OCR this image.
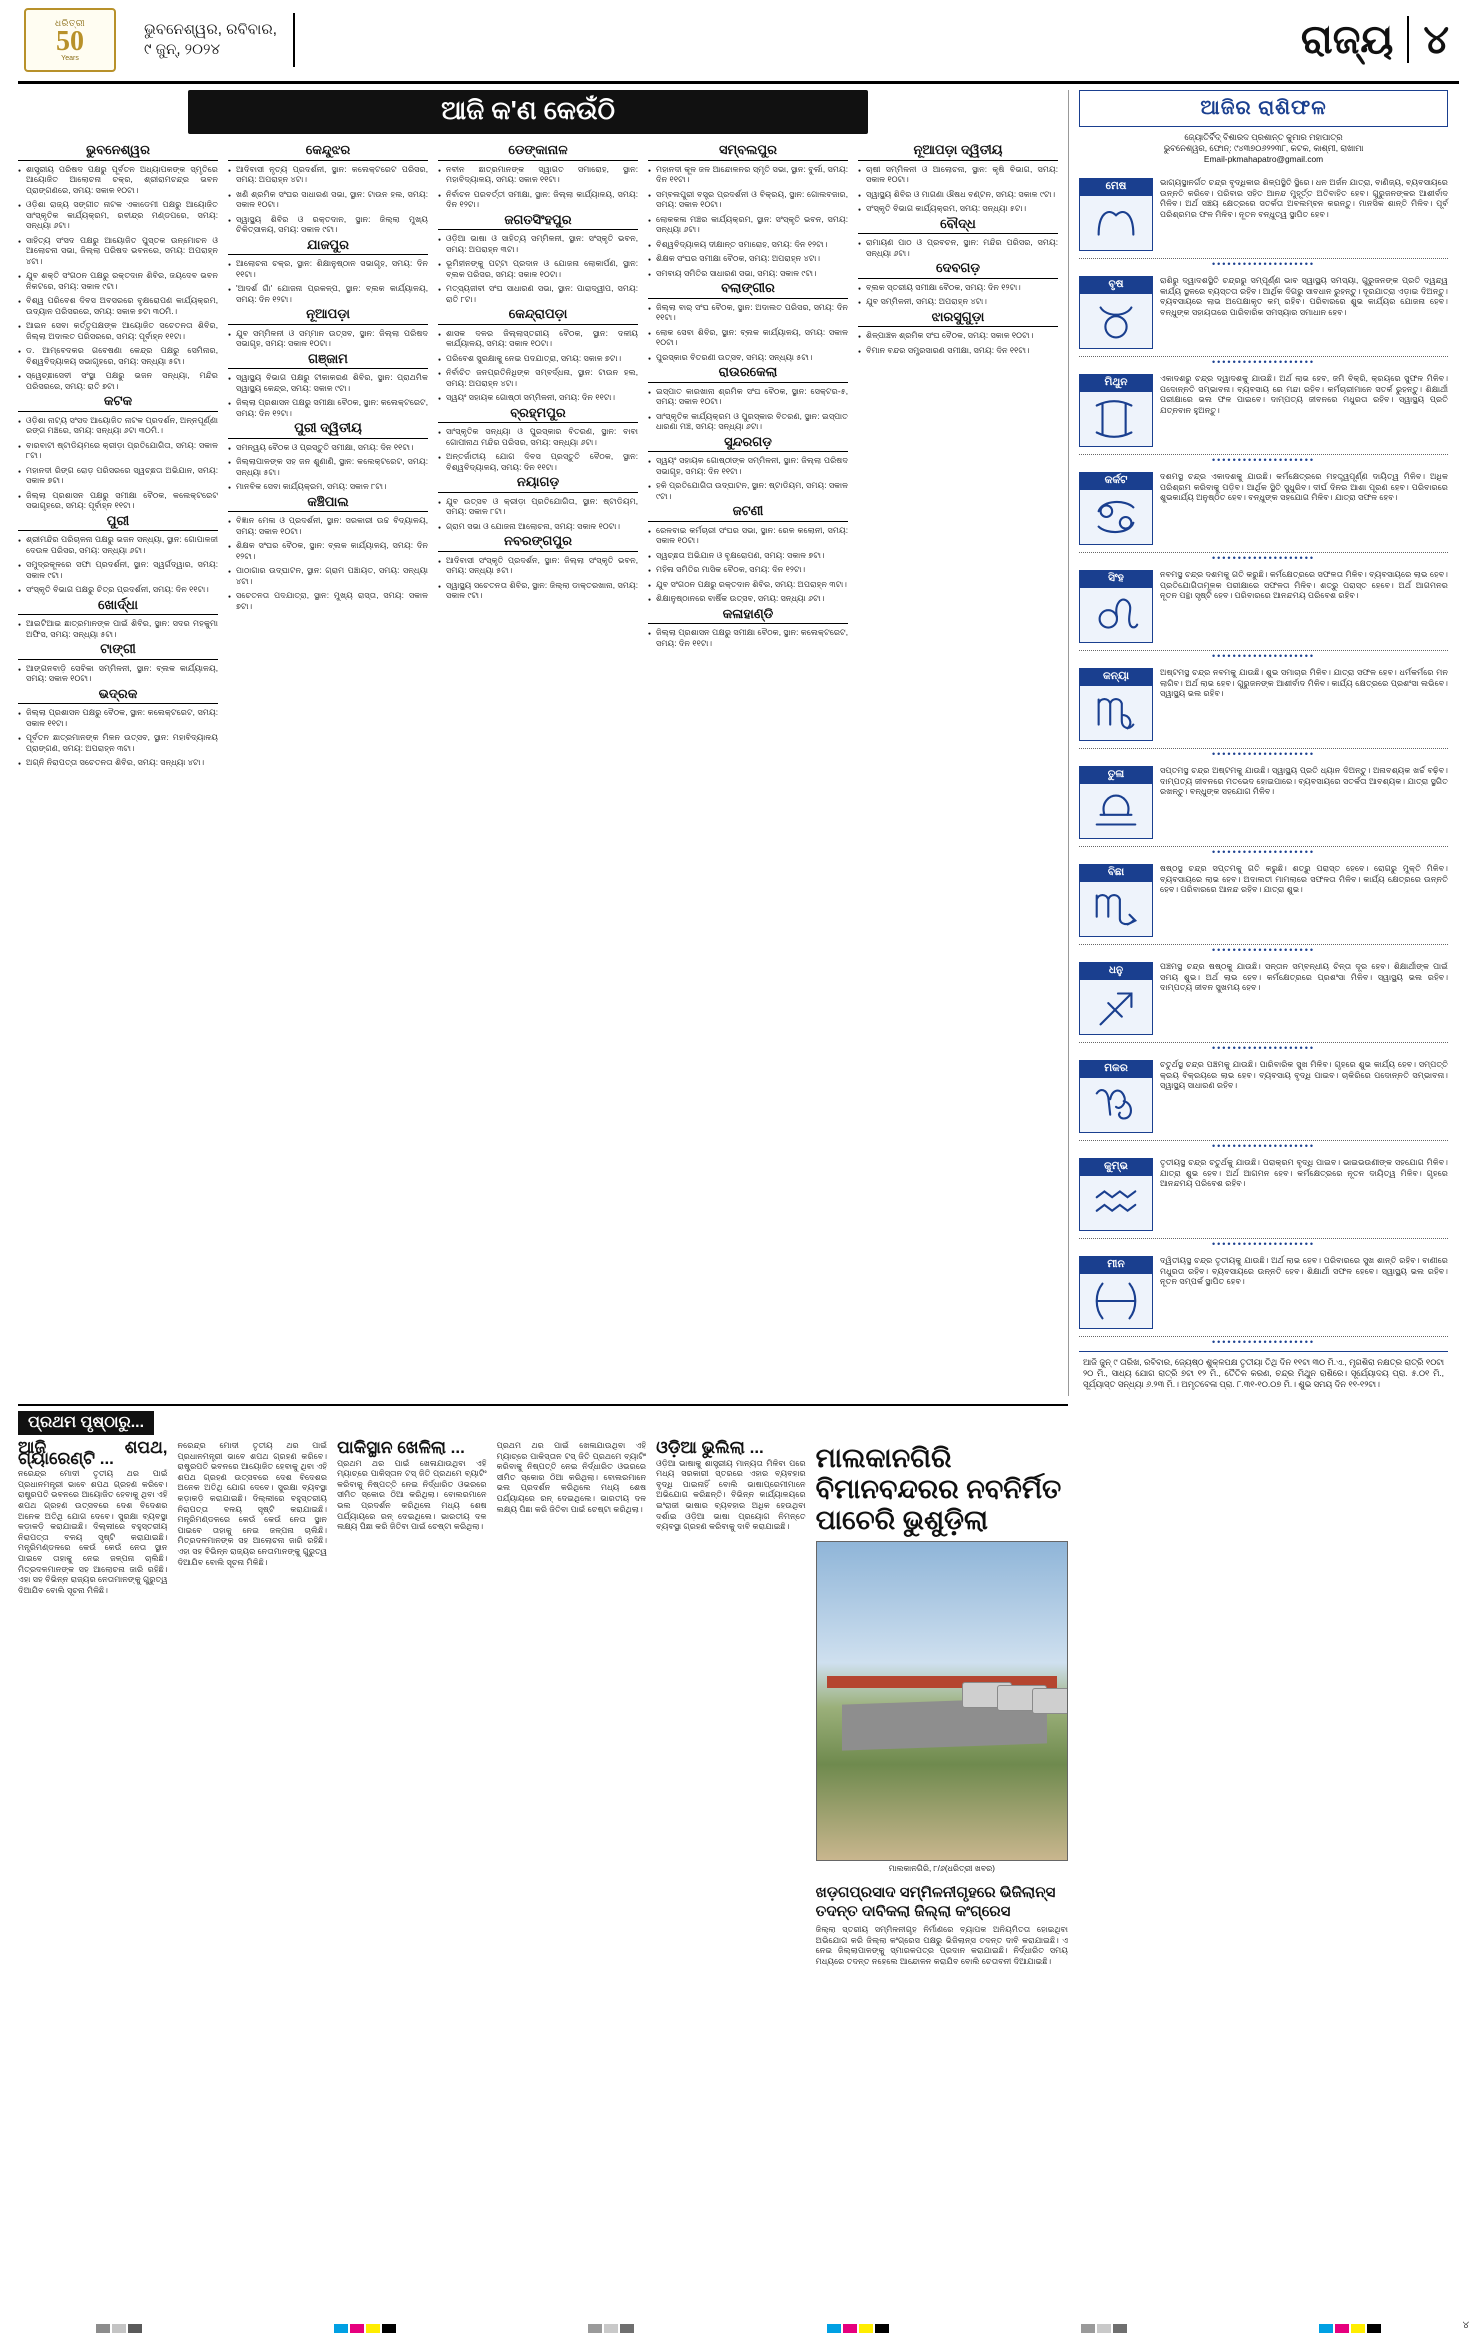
ଧରିତ୍ରୀ
50
Years
ଭୁବନେଶ୍ୱର, ରବିବାର,
୯ ଜୁନ୍‌, ୨୦୨୪	ରାଜ୍ୟ ୪
ଆଜି କ'ଣ କେଉଁଠି
ଭୁବନେଶ୍ୱର
● ଶାସ୍ତ୍ରୀୟ ପରିଷଦ ପକ୍ଷରୁ ପୂର୍ବତନ ଅଧ୍ୟାପକଙ୍କ ସ୍ମୃତିରେ ଆୟୋଜିତ ଆଲୋଚନା ଚକ୍ର, ଶ୍ରୀରାମଚନ୍ଦ୍ର ଭବନ ପ୍ରାଙ୍ଗଣରେ, ସମୟ: ସକାଳ ୧୦ଟା।
● ଓଡ଼ିଶା ରାଜ୍ୟ ସଙ୍ଗୀତ ନାଟକ ଏକାଡେମୀ ପକ୍ଷରୁ ଆୟୋଜିତ ସାଂସ୍କୃତିକ କାର୍ଯ୍ୟକ୍ରମ, ରବୀନ୍ଦ୍ର ମଣ୍ଡପରେ, ସମୟ: ସନ୍ଧ୍ୟା ୬ଟା।
● ସାହିତ୍ୟ ସଂସଦ ପକ୍ଷରୁ ଆୟୋଜିତ ପୁସ୍ତକ ଉନ୍ମୋଚନ ଓ ଆଲୋଚନା ସଭା, ଜିଲ୍ଲା ପରିଷଦ ଭବନରେ, ସମୟ: ଅପରାହ୍ନ ୪ଟା।
● ଯୁବ ଶକ୍ତି ସଂଗଠନ ପକ୍ଷରୁ ରକ୍ତଦାନ ଶିବିର, ଜୟଦେବ ଭବନ ନିକଟରେ, ସମୟ: ସକାଳ ୯ଟା।
● ବିଶ୍ୱ ପରିବେଶ ଦିବସ ଅବସରରେ ବୃକ୍ଷରୋପଣ କାର୍ଯ୍ୟକ୍ରମ, ଉଦ୍ୟାନ ପରିସରରେ, ସମୟ: ସକାଳ ୭ଟା ୩୦ମି.।
● ଆଇନ ସେବା କର୍ତ୍ତୃପକ୍ଷଙ୍କ ଆୟୋଜିତ ସଚେତନତା ଶିବିର, ଜିଲ୍ଲା ଅଦାଲତ ପରିସରରେ, ସମୟ: ପୂର୍ବାହ୍ନ ୧୧ଟା।
● ଡ. ଆମ୍ବେଦକର ଗବେଷଣା କେନ୍ଦ୍ର ପକ୍ଷରୁ ସେମିନାର, ବିଶ୍ୱବିଦ୍ୟାଳୟ ସଭାଗୃହରେ, ସମୟ: ସନ୍ଧ୍ୟା ୫ଟା।
● ସ୍ୱେଚ୍ଛାସେବୀ ସଂସ୍ଥା ପକ୍ଷରୁ ଭଜନ ସନ୍ଧ୍ୟା, ମନ୍ଦିର ପରିସରରେ, ସମୟ: ରାତି ୭ଟା।
କଟକ
● ଓଡ଼ିଶା ନାଟ୍ୟ ସଂସଦ ଆୟୋଜିତ ନାଟକ ପ୍ରଦର୍ଶନ, ଅନ୍ନପୂର୍ଣ୍ଣା ରଙ୍ଗ ମଞ୍ଚରେ, ସମୟ: ସନ୍ଧ୍ୟା ୬ଟା ୩୦ମି.।
● ବାରବାଟୀ ଷ୍ଟାଡିୟମରେ କ୍ରୀଡ଼ା ପ୍ରତିଯୋଗିତା, ସମୟ: ସକାଳ ୮ଟା।
● ମହାନଦୀ ରିଙ୍ଗ ରୋଡ଼ ପରିସରରେ ସ୍ୱଚ୍ଛତା ଅଭିଯାନ, ସମୟ: ସକାଳ ୭ଟା।
● ଜିଲ୍ଲା ପ୍ରଶାସନ ପକ୍ଷରୁ ସମୀକ୍ଷା ବୈଠକ, କଲେକ୍ଟରେଟ ସଭାଗୃହରେ, ସମୟ: ପୂର୍ବାହ୍ନ ୧୧ଟା।
ପୁରୀ
● ଶ୍ରୀମନ୍ଦିର ପରିଚାଳନା ପକ୍ଷରୁ ଭଜନ ସନ୍ଧ୍ୟା, ସ୍ଥାନ: ଗୋପାଳଜୀ ଦେଉଳ ପରିସର, ସମୟ: ସନ୍ଧ୍ୟା ୬ଟା।
● ସମୁଦ୍ରକୂଳରେ ସଫା ପ୍ରଦର୍ଶନୀ, ସ୍ଥାନ: ସ୍ୱର୍ଗଦ୍ୱାର, ସମୟ: ସକାଳ ୯ଟା।
● ସଂସ୍କୃତି ବିଭାଗ ପକ୍ଷରୁ ଚିତ୍ର ପ୍ରଦର୍ଶନୀ, ସମୟ: ଦିନ ୧୧ଟା।
ଖୋର୍ଦ୍ଧା
● ଆଇଟିଆଇ ଛାତ୍ରମାନଙ୍କ ପାଇଁ ଶିବିର, ସ୍ଥାନ: ସଦର ମହକୁମା ଅଫିସ, ସମୟ: ସନ୍ଧ୍ୟା ୫ଟା।
ଟାଙ୍ଗୀ
● ଆଙ୍ଗନବାଡ଼ି ସେବିକା ସମ୍ମିଳନୀ, ସ୍ଥାନ: ବ୍ଲକ କାର୍ଯ୍ୟାଳୟ, ସମୟ: ସକାଳ ୧୦ଟା।
ଭଦ୍ରକ
● ଜିଲ୍ଲା ପ୍ରଶାସନ ପକ୍ଷରୁ ବୈଠକ, ସ୍ଥାନ: କଲେକ୍ଟରେଟ, ସମୟ: ସକାଳ ୧୧ଟା।
● ପୂର୍ବତନ ଛାତ୍ରମାନଙ୍କ ମିଳନ ଉତ୍ସବ, ସ୍ଥାନ: ମହାବିଦ୍ୟାଳୟ ପ୍ରାଙ୍ଗଣ, ସମୟ: ଅପରାହ୍ନ ୩ଟା।
● ଅଗ୍ନି ନିରାପତ୍ତା ସଚେତନତା ଶିବିର, ସମୟ: ସନ୍ଧ୍ୟା ୪ଟା।
କେନ୍ଦୁଝର
● ଆଦିବାସୀ ନୃତ୍ୟ ପ୍ରଦର୍ଶନୀ, ସ୍ଥାନ: କଲେକ୍ଟରେଟ ପରିସର, ସମୟ: ଅପରାହ୍ନ ୪ଟା।
● ଖଣି ଶ୍ରମିକ ସଂଘର ସାଧାରଣ ସଭା, ସ୍ଥାନ: ଟାଉନ ହଲ, ସମୟ: ସକାଳ ୧୦ଟା।
● ସ୍ୱାସ୍ଥ୍ୟ ଶିବିର ଓ ରକ୍ତଦାନ, ସ୍ଥାନ: ଜିଲ୍ଲା ମୁଖ୍ୟ ଚିକିତ୍ସାଳୟ, ସମୟ: ସକାଳ ୯ଟା।
ଯାଜପୁର
● ଆଲୋଚନା ଚକ୍ର, ସ୍ଥାନ: ଶିକ୍ଷାନୁଷ୍ଠାନ ସଭାଗୃହ, ସମୟ: ଦିନ ୧୧ଟା।
● 'ଆଦର୍ଶ ଗାଁ' ଯୋଜନା ପ୍ରକଳ୍ପ, ସ୍ଥାନ: ବ୍ଲକ କାର୍ଯ୍ୟାଳୟ, ସମୟ: ଦିନ ୧୨ଟା।
ନୂଆପଡ଼ା
● ଯୁବ ସମ୍ମିଳନୀ ଓ ସମ୍ମାନ ଉତ୍ସବ, ସ୍ଥାନ: ଜିଲ୍ଲା ପରିଷଦ ସଭାଗୃହ, ସମୟ: ସକାଳ ୧୦ଟା।
ଗଞ୍ଜାମ
● ସ୍ୱାସ୍ଥ୍ୟ ବିଭାଗ ପକ୍ଷରୁ ଟୀକାକରଣ ଶିବିର, ସ୍ଥାନ: ପ୍ରାଥମିକ ସ୍ୱାସ୍ଥ୍ୟ କେନ୍ଦ୍ର, ସମୟ: ସକାଳ ୯ଟା।
● ଜିଲ୍ଲା ପ୍ରଶାସନ ପକ୍ଷରୁ ସମୀକ୍ଷା ବୈଠକ, ସ୍ଥାନ: କଲେକ୍ଟରେଟ, ସମୟ: ଦିନ ୧୨ଟା।
ପୁରୀ ଦ୍ୱିତୀୟ
● ସମନ୍ୱୟ ବୈଠକ ଓ ପ୍ରସ୍ତୁତି ସମୀକ୍ଷା, ସମୟ: ଦିନ ୧୧ଟା।
● ଜିଲ୍ଲାପାଳଙ୍କ ସହ ଜନ ଶୁଣାଣି, ସ୍ଥାନ: କଲେକ୍ଟରେଟ, ସମୟ: ସନ୍ଧ୍ୟା ୫ଟା।
● ମାନବିକ ସେବା କାର୍ଯ୍ୟକ୍ରମ, ସମୟ: ସକାଳ ୮ଟା।
କଞ୍ଚିପାଲ
● ବିଜ୍ଞାନ ମେଳା ଓ ପ୍ରଦର୍ଶନୀ, ସ୍ଥାନ: ସରକାରୀ ଉଚ୍ଚ ବିଦ୍ୟାଳୟ, ସମୟ: ସକାଳ ୧୦ଟା।
● ଶିକ୍ଷକ ସଂଘର ବୈଠକ, ସ୍ଥାନ: ବ୍ଲକ କାର୍ଯ୍ୟାଳୟ, ସମୟ: ଦିନ ୧୨ଟା।
● ପାଠାଗାର ଉଦ୍‌ଘାଟନ, ସ୍ଥାନ: ଗ୍ରାମ ପଞ୍ଚାୟତ, ସମୟ: ସନ୍ଧ୍ୟା ୪ଟା।
● ସଚେତନତା ପଦଯାତ୍ରା, ସ୍ଥାନ: ମୁଖ୍ୟ ରାସ୍ତା, ସମୟ: ସକାଳ ୭ଟା।
ଡେଙ୍କାନାଳ
● ନବୀନ ଛାତ୍ରମାନଙ୍କ ସ୍ୱାଗତ ସମାରୋହ, ସ୍ଥାନ: ମହାବିଦ୍ୟାଳୟ, ସମୟ: ସକାଳ ୧୧ଟା।
● ନିର୍ବାଚନ ପରବର୍ତ୍ତୀ ସମୀକ୍ଷା, ସ୍ଥାନ: ଜିଲ୍ଲା କାର୍ଯ୍ୟାଳୟ, ସମୟ: ଦିନ ୧୨ଟା।
ଜଗତସିଂହପୁର
● ଓଡ଼ିଆ ଭାଷା ଓ ସାହିତ୍ୟ ସମ୍ମିଳନୀ, ସ୍ଥାନ: ସଂସ୍କୃତି ଭବନ, ସମୟ: ଅପରାହ୍ନ ୩ଟା।
● ଭୂମିହୀନଙ୍କୁ ପଟ୍ଟା ପ୍ରଦାନ ଓ ଯୋଜନା ଲୋକାର୍ପଣ, ସ୍ଥାନ: ବ୍ଲକ ପରିସର, ସମୟ: ସକାଳ ୧୦ଟା।
● ମତ୍ସ୍ୟଜୀବୀ ସଂଘ ସାଧାରଣ ସଭା, ସ୍ଥାନ: ପାରାଦ୍ୱୀପ, ସମୟ: ରାତି ୮ଟା।
କେନ୍ଦ୍ରାପଡ଼ା
● ଶାସକ ଦଳର ଜିଲ୍ଲାସ୍ତରୀୟ ବୈଠକ, ସ୍ଥାନ: ଦଳୀୟ କାର୍ଯ୍ୟାଳୟ, ସମୟ: ସକାଳ ୧୦ଟା।
● ପରିବେଶ ସୁରକ୍ଷାକୁ ନେଇ ପଦଯାତ୍ରା, ସମୟ: ସକାଳ ୭ଟା।
● ନିର୍ବାଚିତ ଜନପ୍ରତିନିଧିଙ୍କ ସମ୍ବର୍ଦ୍ଧନା, ସ୍ଥାନ: ଟାଉନ ହଲ, ସମୟ: ଅପରାହ୍ନ ୪ଟା।
● ସ୍ୱୟଂ ସହାୟକ ଗୋଷ୍ଠୀ ସମ୍ମିଳନୀ, ସମୟ: ଦିନ ୧୧ଟା।
ବ୍ରହ୍ମପୁର
● ସାଂସ୍କୃତିକ ସନ୍ଧ୍ୟା ଓ ପୁରସ୍କାର ବିତରଣ, ସ୍ଥାନ: ବାବା ଗୋପୀନାଥ ମନ୍ଦିର ପରିସର, ସମୟ: ସନ୍ଧ୍ୟା ୬ଟା।
● ଅନ୍ତର୍ଜାତୀୟ ଯୋଗ ଦିବସ ପ୍ରସ୍ତୁତି ବୈଠକ, ସ୍ଥାନ: ବିଶ୍ୱବିଦ୍ୟାଳୟ, ସମୟ: ଦିନ ୧୧ଟା।
ନୟାଗଡ଼
● ଯୁବ ଉତ୍ସବ ଓ କ୍ରୀଡ଼ା ପ୍ରତିଯୋଗିତା, ସ୍ଥାନ: ଷ୍ଟାଡିୟମ, ସମୟ: ସକାଳ ୮ଟା।
● ଗ୍ରାମ ସଭା ଓ ଯୋଜନା ଆଲୋଚନା, ସମୟ: ସକାଳ ୧୦ଟା।
ନବରଙ୍ଗପୁର
● ଆଦିବାସୀ ସଂସ୍କୃତି ପ୍ରଦର୍ଶନ, ସ୍ଥାନ: ଜିଲ୍ଲା ସଂସ୍କୃତି ଭବନ, ସମୟ: ସନ୍ଧ୍ୟା ୫ଟା।
● ସ୍ୱାସ୍ଥ୍ୟ ସଚେତନତା ଶିବିର, ସ୍ଥାନ: ଜିଲ୍ଲା ଡାକ୍ତରଖାନା, ସମୟ: ସକାଳ ୯ଟା।
ସମ୍ବଲପୁର
● ମହାନଦୀ କୂଳ ଜଳ ଆନ୍ଦୋଳନର ସ୍ମୃତି ସଭା, ସ୍ଥାନ: ବୁର୍ଲା, ସମୟ: ଦିନ ୧୧ଟା।
● ସମ୍ବଲପୁରୀ ବସ୍ତ୍ର ପ୍ରଦର୍ଶନୀ ଓ ବିକ୍ରୟ, ସ୍ଥାନ: ଗୋଲବଜାର, ସମୟ: ସକାଳ ୧୦ଟା।
● ଲୋକକଳା ମଞ୍ଚର କାର୍ଯ୍ୟକ୍ରମ, ସ୍ଥାନ: ସଂସ୍କୃତି ଭବନ, ସମୟ: ସନ୍ଧ୍ୟା ୬ଟା।
● ବିଶ୍ୱବିଦ୍ୟାଳୟ ଦୀକ୍ଷାନ୍ତ ସମାରୋହ, ସମୟ: ଦିନ ୧୨ଟା।
● ଶିକ୍ଷକ ସଂଘର ସମୀକ୍ଷା ବୈଠକ, ସମୟ: ଅପରାହ୍ନ ୪ଟା।
● ସମବାୟ ସମିତିର ସାଧାରଣ ସଭା, ସମୟ: ସକାଳ ୯ଟା।
ବଲାଙ୍ଗୀର
● ଜିଲ୍ଲା ବାର୍ ସଂଘ ବୈଠକ, ସ୍ଥାନ: ଅଦାଲତ ପରିସର, ସମୟ: ଦିନ ୧୧ଟା।
● ଲୋକ ସେବା ଶିବିର, ସ୍ଥାନ: ବ୍ଲକ କାର୍ଯ୍ୟାଳୟ, ସମୟ: ସକାଳ ୧୦ଟା।
● ପୁରସ୍କାର ବିତରଣୀ ଉତ୍ସବ, ସମୟ: ସନ୍ଧ୍ୟା ୫ଟା।
ରାଉରକେଲା
● ଇସ୍ପାତ କାରଖାନା ଶ୍ରମିକ ସଂଘ ବୈଠକ, ସ୍ଥାନ: ସେକ୍ଟର-୫, ସମୟ: ସକାଳ ୧୦ଟା।
● ସାଂସ୍କୃତିକ କାର୍ଯ୍ୟକ୍ରମ ଓ ପୁରସ୍କାର ବିତରଣ, ସ୍ଥାନ: ଇସ୍ପାତ ଧାରଣା ମଞ୍ଚ, ସମୟ: ସନ୍ଧ୍ୟା ୬ଟା।
ସୁନ୍ଦରଗଡ଼
● ସ୍ୱୟଂ ସହାୟକ ଗୋଷ୍ଠୀଙ୍କ ସମ୍ମିଳନୀ, ସ୍ଥାନ: ଜିଲ୍ଲା ପରିଷଦ ସଭାଗୃହ, ସମୟ: ଦିନ ୧୧ଟା।
● ହକି ପ୍ରତିଯୋଗିତା ଉଦ୍‌ଘାଟନ, ସ୍ଥାନ: ଷ୍ଟାଡିୟମ, ସମୟ: ସକାଳ ୯ଟା।
ଜଟଣୀ
● ରେଳବାଇ କର୍ମଚାରୀ ସଂଘର ସଭା, ସ୍ଥାନ: ରେଳ କଲୋନୀ, ସମୟ: ସକାଳ ୧୦ଟା।
● ସ୍ୱଚ୍ଛତା ଅଭିଯାନ ଓ ବୃକ୍ଷରୋପଣ, ସମୟ: ସକାଳ ୭ଟା।
● ମହିଳା ସମିତିର ମାସିକ ବୈଠକ, ସମୟ: ଦିନ ୧୨ଟା।
● ଯୁବ ସଂଗଠନ ପକ୍ଷରୁ ରକ୍ତଦାନ ଶିବିର, ସମୟ: ଅପରାହ୍ନ ୩ଟା।
● ଶିକ୍ଷାନୁଷ୍ଠାନରେ ବାର୍ଷିକ ଉତ୍ସବ, ସମୟ: ସନ୍ଧ୍ୟା ୬ଟା।
କଳାହାଣ୍ଡି
● ଜିଲ୍ଲା ପ୍ରଶାସନ ପକ୍ଷରୁ ସମୀକ୍ଷା ବୈଠକ, ସ୍ଥାନ: କଲେକ୍ଟରେଟ, ସମୟ: ଦିନ ୧୧ଟା।
ନୂଆପଡ଼ା ଦ୍ୱିତୀୟ
● ଚାଷୀ ସମ୍ମିଳନୀ ଓ ଆଲୋଚନା, ସ୍ଥାନ: କୃଷି ବିଭାଗ, ସମୟ: ସକାଳ ୧୦ଟା।
● ସ୍ୱାସ୍ଥ୍ୟ ଶିବିର ଓ ମାଗଣା ଔଷଧ ବଣ୍ଟନ, ସମୟ: ସକାଳ ୯ଟା।
● ସଂସ୍କୃତି ବିଭାଗ କାର୍ଯ୍ୟକ୍ରମ, ସମୟ: ସନ୍ଧ୍ୟା ୫ଟା।
ବୌଦ୍ଧ
● ରାମାୟଣ ପାଠ ଓ ପ୍ରବଚନ, ସ୍ଥାନ: ମନ୍ଦିର ପରିସର, ସମୟ: ସନ୍ଧ୍ୟା ୬ଟା।
ଦେବଗଡ଼
● ବ୍ଲକ ସ୍ତରୀୟ ସମୀକ୍ଷା ବୈଠକ, ସମୟ: ଦିନ ୧୨ଟା।
● ଯୁବ ସମ୍ମିଳନୀ, ସମୟ: ଅପରାହ୍ନ ୪ଟା।
ଝାରସୁଗୁଡ଼ା
● ଶିଳ୍ପାଞ୍ଚଳ ଶ୍ରମିକ ସଂଘ ବୈଠକ, ସମୟ: ସକାଳ ୧୦ଟା।
● ବିମାନ ବନ୍ଦର ସମ୍ପ୍ରସାରଣ ସମୀକ୍ଷା, ସମୟ: ଦିନ ୧୧ଟା।
ଆଜିର ରାଶିଫଳ
ଜ୍ୟୋତିର୍ବିଦ୍‌ ବିଶାରଦ ପ୍ରଶାନ୍ତ କୁମାର ମହାପାତ୍ର
ଭୁବନେଶ୍ୱର, ଫୋନ୍‌: ୯୪୩୭୦୬୨୨୩୮, କଟକ, କାଶ୍ମୀ, ରାଖାମା
Email-pkmahapatro@gmail.com
ମେଷ	ଭାଗ୍ୟସ୍ଥାନର୍ଗତ ଚନ୍ଦ୍ର ବୃଦ୍ଧିକାର ଶିଳ୍ପସ୍ଥିତି ସ୍ଥିରେ। ଧନ ଅର୍ଜନ ଯାତ୍ରା, ବାଣିଜ୍ୟ, ବ୍ୟବସାୟରେ ଉନ୍ନତି କରିବେ। ପରିବାର ସହିତ ଆନନ୍ଦ ମୁହୂର୍ତ୍ତ ଅତିବାହିତ ହେବ। ଗୁରୁଜନଙ୍କର ଆଶୀର୍ବାଦ ମିଳିବ। ଅର୍ଥ ସଞ୍ଚୟ କ୍ଷେତ୍ରରେ ସତର୍କତା ଅବଲମ୍ବନ କରନ୍ତୁ। ମାନସିକ ଶାନ୍ତି ମିଳିବ। ପୂର୍ବ ପରିଶ୍ରମର ଫଳ ମିଳିବ। ନୂତନ ବନ୍ଧୁତ୍ୱ ସ୍ଥାପିତ ହେବ।
••••••••••••••••••••
ବୃଷ	ରାଶିରୁ ଦ୍ୱାଦଶସ୍ଥିତି ଚନ୍ଦ୍ରରୁ ସମ୍ପୂର୍ଣ୍ଣ ଭାବ ସ୍ୱାସ୍ଥ୍ୟ ସମସ୍ୟା, ଗୁରୁଜନଙ୍କ ପ୍ରତି ଦ୍ୱନ୍ଦ୍ୱ କାର୍ଯ୍ୟ ସ୍ଥଳରେ ବ୍ୟସ୍ତତା ରହିବ। ଆର୍ଥିକ ଦିଗରୁ ସାବଧାନ ରୁହନ୍ତୁ। ଦୂରଯାତ୍ରା ଏଡ଼ାଇ ଦିଅନ୍ତୁ। ବ୍ୟବସାୟରେ ଲାଭ ଅପେକ୍ଷାକୃତ କମ୍‌ ରହିବ। ପରିବାରରେ ଶୁଭ କାର୍ଯ୍ୟର ଯୋଜନା ହେବ। ବନ୍ଧୁଙ୍କ ସହାୟତାରେ ପାରିବାରିକ ସମସ୍ୟାର ସମାଧାନ ହେବ।
••••••••••••••••••••
ମିଥୁନ	ଏକାଦଶରୁ ଚନ୍ଦ୍ର ଦ୍ୱାଦଶକୁ ଯାଉଛି। ଅର୍ଥ ଲାଭ ହେବ, ଜମି ବିକ୍ରି, କ୍ରୟରେ ସୁଫଳ ମିଳିବ। ପଦୋନ୍ନତି ସମ୍ଭାବନା। ବ୍ୟବସାୟ ରେ ମନ୍ଦା ରହିବ। କର୍ମଚାରୀମାନେ ସତର୍କ ରୁହନ୍ତୁ। ଶିକ୍ଷାର୍ଥୀ ପରୀକ୍ଷାରେ ଭଲ ଫଳ ପାଇବେ। ଦାମ୍ପତ୍ୟ ଜୀବନରେ ମଧୁରତା ରହିବ। ସ୍ୱାସ୍ଥ୍ୟ ପ୍ରତି ଯତ୍ନବାନ ହୁଅନ୍ତୁ।
••••••••••••••••••••
କର୍କଟ	ଦଶମସ୍ଥ ଚନ୍ଦ୍ର ଏକାଦଶକୁ ଯାଉଛି। କର୍ମକ୍ଷେତ୍ରରେ ମହତ୍ତ୍ୱପୂର୍ଣ୍ଣ ଦାୟିତ୍ୱ ମିଳିବ। ଅଧିକ ପରିଶ୍ରମ କରିବାକୁ ପଡ଼ିବ। ଆର୍ଥିକ ସ୍ଥିତି ସୁଧୁରିବ। ଦୀର୍ଘ ଦିନର ଆଶା ପୂରଣ ହେବ। ପରିବାରରେ ଶୁଭକାର୍ଯ୍ୟ ଅନୁଷ୍ଠିତ ହେବ। ବନ୍ଧୁଙ୍କ ସହଯୋଗ ମିଳିବ। ଯାତ୍ରା ସଫଳ ହେବ।
••••••••••••••••••••
ସିଂହ	ନବମସ୍ଥ ଚନ୍ଦ୍ର ଦଶମକୁ ଗତି କରୁଛି। କର୍ମକ୍ଷେତ୍ରରେ ସଫଳତା ମିଳିବ। ବ୍ୟବସାୟରେ ଲାଭ ହେବ। ପ୍ରତିଯୋଗିତାମୂଳକ ପରୀକ୍ଷାରେ ସଫଳତା ମିଳିବ। ଶତ୍ରୁ ପରାସ୍ତ ହେବେ। ଅର୍ଥ ଆଗମନର ନୂତନ ପନ୍ଥା ସୃଷ୍ଟି ହେବ। ପରିବାରରେ ଆନନ୍ଦମୟ ପରିବେଶ ରହିବ।
••••••••••••••••••••
କନ୍ୟା	ଅଷ୍ଟମସ୍ଥ ଚନ୍ଦ୍ର ନବମକୁ ଯାଉଛି। ଶୁଭ ସମାଚାର ମିଳିବ। ଯାତ୍ରା ସଫଳ ହେବ। ଧର୍ମକର୍ମରେ ମନ ଲାଗିବ। ଅର୍ଥ ଲାଭ ହେବ। ଗୁରୁଜନଙ୍କ ଆଶୀର୍ବାଦ ମିଳିବ। କାର୍ଯ୍ୟ କ୍ଷେତ୍ରରେ ପ୍ରଶଂସା ଲଭିବେ। ସ୍ୱାସ୍ଥ୍ୟ ଭଲ ରହିବ।
••••••••••••••••••••
ତୁଳା	ସପ୍ତମସ୍ଥ ଚନ୍ଦ୍ର ଅଷ୍ଟମକୁ ଯାଉଛି। ସ୍ୱାସ୍ଥ୍ୟ ପ୍ରତି ଧ୍ୟାନ ଦିଅନ୍ତୁ। ଅନାବଶ୍ୟକ ଖର୍ଚ୍ଚ ବଢ଼ିବ। ଦାମ୍ପତ୍ୟ ଜୀବନରେ ମତଭେଦ ହୋଇପାରେ। ବ୍ୟବସାୟରେ ସତର୍କତା ଆବଶ୍ୟକ। ଯାତ୍ରା ସ୍ଥଗିତ ରଖନ୍ତୁ। ବନ୍ଧୁଙ୍କ ସହଯୋଗ ମିଳିବ।
••••••••••••••••••••
ବିଛା	ଷଷ୍ଠସ୍ଥ ଚନ୍ଦ୍ର ସପ୍ତମକୁ ଗତି କରୁଛି। ଶତ୍ରୁ ପରାସ୍ତ ହେବେ। ରୋଗରୁ ମୁକ୍ତି ମିଳିବ। ବ୍ୟବସାୟରେ ଲାଭ ହେବ। ଅଦାଲତୀ ମାମଲାରେ ସଫଳତା ମିଳିବ। କାର୍ଯ୍ୟ କ୍ଷେତ୍ରରେ ଉନ୍ନତି ହେବ। ପରିବାରରେ ଆନନ୍ଦ ରହିବ। ଯାତ୍ରା ଶୁଭ।
••••••••••••••••••••
ଧନୁ	ପଞ୍ଚମସ୍ଥ ଚନ୍ଦ୍ର ଷଷ୍ଠକୁ ଯାଉଛି। ସନ୍ତାନ ସମ୍ବନ୍ଧୀୟ ଚିନ୍ତା ଦୂର ହେବ। ଶିକ୍ଷାର୍ଥୀଙ୍କ ପାଇଁ ସମୟ ଶୁଭ। ଅର୍ଥ ଲାଭ ହେବ। କର୍ମକ୍ଷେତ୍ରରେ ପ୍ରଶଂସା ମିଳିବ। ସ୍ୱାସ୍ଥ୍ୟ ଭଲ ରହିବ। ଦାମ୍ପତ୍ୟ ଜୀବନ ସୁଖମୟ ହେବ।
••••••••••••••••••••
ମକର	ଚତୁର୍ଥସ୍ଥ ଚନ୍ଦ୍ର ପଞ୍ଚମକୁ ଯାଉଛି। ପାରିବାରିକ ସୁଖ ମିଳିବ। ଗୃହରେ ଶୁଭ କାର୍ଯ୍ୟ ହେବ। ସମ୍ପତ୍ତି କ୍ରୟ ବିକ୍ରୟରେ ଲାଭ ହେବ। ବ୍ୟବସାୟ ବୃଦ୍ଧି ପାଇବ। ଚାକିରିରେ ପଦୋନ୍ନତି ସମ୍ଭାବନା। ସ୍ୱାସ୍ଥ୍ୟ ସାଧାରଣ ରହିବ।
••••••••••••••••••••
କୁମ୍ଭ	ତୃତୀୟସ୍ଥ ଚନ୍ଦ୍ର ଚତୁର୍ଥକୁ ଯାଉଛି। ପରାକ୍ରମ ବୃଦ୍ଧି ପାଇବ। ଭାଇଭଉଣୀଙ୍କ ସହଯୋଗ ମିଳିବ। ଯାତ୍ରା ଶୁଭ ହେବ। ଅର୍ଥ ଆଗମନ ହେବ। କର୍ମକ୍ଷେତ୍ରରେ ନୂତନ ଦାୟିତ୍ୱ ମିଳିବ। ଗୃହରେ ଆନନ୍ଦମୟ ପରିବେଶ ରହିବ।
••••••••••••••••••••
ମୀନ	ଦ୍ୱିତୀୟସ୍ଥ ଚନ୍ଦ୍ର ତୃତୀୟକୁ ଯାଉଛି। ଅର୍ଥ ଲାଭ ହେବ। ପରିବାରରେ ସୁଖ ଶାନ୍ତି ରହିବ। ବାଣୀରେ ମଧୁରତା ରହିବ। ବ୍ୟବସାୟରେ ଉନ୍ନତି ହେବ। ଶିକ୍ଷାର୍ଥୀ ସଫଳ ହେବେ। ସ୍ୱାସ୍ଥ୍ୟ ଭଲ ରହିବ। ନୂତନ ସମ୍ପର୍କ ସ୍ଥାପିତ ହେବ।
••••••••••••••••••••
ଆଜି ଜୁନ୍‌ ୯ ତାରିଖ, ରବିବାର, ଜ୍ୟେଷ୍ଠ ଶୁକ୍ଳପକ୍ଷ ତୃତୀୟା ତିଥି ଦିନ ୧୧ଟା ୩୦ ମି.ଏ., ମୃଗଶିରା ନକ୍ଷତ୍ର ରାତ୍ରି ୧୦ଟା ୨୦ ମି., ସାଧ୍ୟ ଯୋଗ ରାତ୍ରି ୭ଟା ୧୨ ମି., ତୈତିଳ କରଣ, ଚନ୍ଦ୍ର ମିଥୁନ ରାଶିରେ। ସୂର୍ଯ୍ୟୋଦୟ ପ୍ରା. ୫.୦୧ ମି., ସୂର୍ଯ୍ୟାସ୍ତ ସନ୍ଧ୍ୟା ୬.୨୩ ମି.। ଅମୃତବେଳା ପ୍ରା. ୮.୩୧-୧୦.୦୭ ମି.। ଶୁଭ ସମୟ ଦିନ ୧୧-୧୨ଟା।
ପ୍ରଥମ ପୃଷ୍ଠାରୁ...
ଆଜି ଶପଥ, ଗ୍ୟାରେଣ୍ଟି ...
ନରେନ୍ଦ୍ର ମୋଦୀ ତୃତୀୟ ଥର ପାଇଁ ପ୍ରଧାନମନ୍ତ୍ରୀ ଭାବେ ଶପଥ ଗ୍ରହଣ କରିବେ। ରାଷ୍ଟ୍ରପତି ଭବନରେ ଆୟୋଜିତ ହେବାକୁ ଥିବା ଏହି ଶପଥ ଗ୍ରହଣ ଉତ୍ସବରେ ଦେଶ ବିଦେଶର ଅନେକ ଅତିଥି ଯୋଗ ଦେବେ। ସୁରକ୍ଷା ବ୍ୟବସ୍ଥା କଡ଼ାକଡ଼ି କରାଯାଇଛି। ଦିଲ୍ଲୀରେ ବହୁସ୍ତରୀୟ ନିରାପତ୍ତା ବଳୟ ସୃଷ୍ଟି କରାଯାଇଛି। ମନ୍ତ୍ରିମଣ୍ଡଳରେ କେଉଁ କେଉଁ ନେତା ସ୍ଥାନ ପାଇବେ ତାହାକୁ ନେଇ ଜଳ୍ପନା ଚାଲିଛି। ମିତ୍ରଦଳମାନଙ୍କ ସହ ଆଲୋଚନା ଜାରି ରହିଛି। ଏହା ସହ ବିଭିନ୍ନ ରାଜ୍ୟର ନେତାମାନଙ୍କୁ ଗୁରୁତ୍ୱ ଦିଆଯିବ ବୋଲି ସୂଚନା ମିଳିଛି।
ନରେନ୍ଦ୍ର ମୋଦୀ ତୃତୀୟ ଥର ପାଇଁ ପ୍ରଧାନମନ୍ତ୍ରୀ ଭାବେ ଶପଥ ଗ୍ରହଣ କରିବେ। ରାଷ୍ଟ୍ରପତି ଭବନରେ ଆୟୋଜିତ ହେବାକୁ ଥିବା ଏହି ଶପଥ ଗ୍ରହଣ ଉତ୍ସବରେ ଦେଶ ବିଦେଶର ଅନେକ ଅତିଥି ଯୋଗ ଦେବେ। ସୁରକ୍ଷା ବ୍ୟବସ୍ଥା କଡ଼ାକଡ଼ି କରାଯାଇଛି। ଦିଲ୍ଲୀରେ ବହୁସ୍ତରୀୟ ନିରାପତ୍ତା ବଳୟ ସୃଷ୍ଟି କରାଯାଇଛି। ମନ୍ତ୍ରିମଣ୍ଡଳରେ କେଉଁ କେଉଁ ନେତା ସ୍ଥାନ ପାଇବେ ତାହାକୁ ନେଇ ଜଳ୍ପନା ଚାଲିଛି। ମିତ୍ରଦଳମାନଙ୍କ ସହ ଆଲୋଚନା ଜାରି ରହିଛି। ଏହା ସହ ବିଭିନ୍ନ ରାଜ୍ୟର ନେତାମାନଙ୍କୁ ଗୁରୁତ୍ୱ ଦିଆଯିବ ବୋଲି ସୂଚନା ମିଳିଛି।
ପାକିସ୍ଥାନ ଖେଳିଲା ...
ପ୍ରଥମ ଥର ପାଇଁ ଖେଳାଯାଉଥିବା ଏହି ମ୍ୟାଚ୍‌ରେ ପାକିସ୍ତାନ ଟସ୍‌ ଜିତି ପ୍ରଥମେ ବ୍ୟାଟିଂ କରିବାକୁ ନିଷ୍ପତ୍ତି ନେଇ ନିର୍ଦ୍ଧାରିତ ଓଭରରେ ସୀମିତ ସ୍କୋର ଠିଆ କରିଥିଲା। ବୋଲରମାନେ ଭଲ ପ୍ରଦର୍ଶନ କରିଥିଲେ ମଧ୍ୟ ଶେଷ ପର୍ଯ୍ୟାୟରେ ରନ୍ ଦେଇଥିଲେ। ଭାରତୀୟ ଦଳ ଲକ୍ଷ୍ୟ ପିଛା କରି ଜିତିବା ପାଇଁ ଚେଷ୍ଟା କରିଥିଲା।
ପ୍ରଥମ ଥର ପାଇଁ ଖେଳାଯାଉଥିବା ଏହି ମ୍ୟାଚ୍‌ରେ ପାକିସ୍ତାନ ଟସ୍‌ ଜିତି ପ୍ରଥମେ ବ୍ୟାଟିଂ କରିବାକୁ ନିଷ୍ପତ୍ତି ନେଇ ନିର୍ଦ୍ଧାରିତ ଓଭରରେ ସୀମିତ ସ୍କୋର ଠିଆ କରିଥିଲା। ବୋଲରମାନେ ଭଲ ପ୍ରଦର୍ଶନ କରିଥିଲେ ମଧ୍ୟ ଶେଷ ପର୍ଯ୍ୟାୟରେ ରନ୍ ଦେଇଥିଲେ। ଭାରତୀୟ ଦଳ ଲକ୍ଷ୍ୟ ପିଛା କରି ଜିତିବା ପାଇଁ ଚେଷ୍ଟା କରିଥିଲା।
ଓଡ଼ିଆ ଭୁଲିଲା ...
ଓଡ଼ିଆ ଭାଷାକୁ ଶାସ୍ତ୍ରୀୟ ମାନ୍ୟତା ମିଳିବା ପରେ ମଧ୍ୟ ସରକାରୀ ସ୍ତରରେ ଏହାର ବ୍ୟବହାର ବୃଦ୍ଧି ପାଇନାହିଁ ବୋଲି ଭାଷାପ୍ରେମୀମାନେ ଅଭିଯୋଗ କରିଛନ୍ତି। ବିଭିନ୍ନ କାର୍ଯ୍ୟାଳୟରେ ଇଂରାଜୀ ଭାଷାର ବ୍ୟବହାର ଅଧିକ ହେଉଥିବା ଦର୍ଶାଇ ଓଡ଼ିଆ ଭାଷା ପ୍ରୟୋଗ ନିମନ୍ତେ ବ୍ୟବସ୍ଥା ଗ୍ରହଣ କରିବାକୁ ଦାବି କରାଯାଇଛି।
ମାଲକାନଗିରି ବିମାନବନ୍ଦରର ନବନିର୍ମିତ ପାଚେରି ଭୁଶୁଡ଼ିଲା
ମାଲକାନଗିରି, ୮/୬(ଧରିତ୍ରୀ ଖବର)
ଖଡ଼ଗପ୍ରସାଦ ସମ୍ମିଳନୀଗୃହରେ ଭିଜିଲାନ୍ସ ତଦନ୍ତ ଦାବିକଲା ଜିଲ୍ଲା କଂଗ୍ରେସ
ଜିଲ୍ଲା ସ୍ତରୀୟ ସମ୍ମିଳନୀଗୃହ ନିର୍ମାଣରେ ବ୍ୟାପକ ଅନିୟମିତତା ହୋଇଥିବା ଅଭିଯୋଗ କରି ଜିଲ୍ଲା କଂଗ୍ରେସ ପକ୍ଷରୁ ଭିଜିଲାନ୍ସ ତଦନ୍ତ ଦାବି କରାଯାଇଛି। ଏ ନେଇ ଜିଲ୍ଲାପାଳଙ୍କୁ ସ୍ମାରକପତ୍ର ପ୍ରଦାନ କରାଯାଇଛି। ନିର୍ଦ୍ଧାରିତ ସମୟ ମଧ୍ୟରେ ତଦନ୍ତ ନହେଲେ ଆନ୍ଦୋଳନ କରାଯିବ ବୋଲି ଚେତାବନୀ ଦିଆଯାଇଛି।
୪
